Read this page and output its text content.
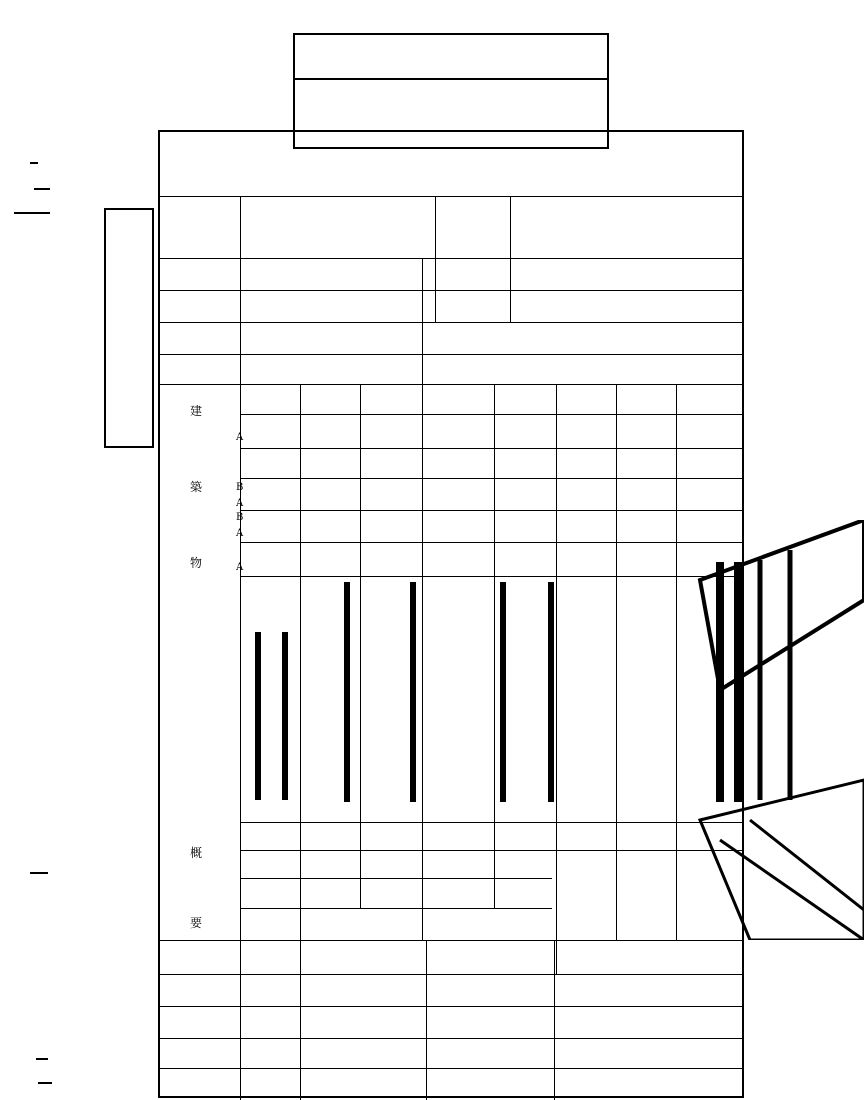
建
築
物
概
要
A
B
A
B
A
A
